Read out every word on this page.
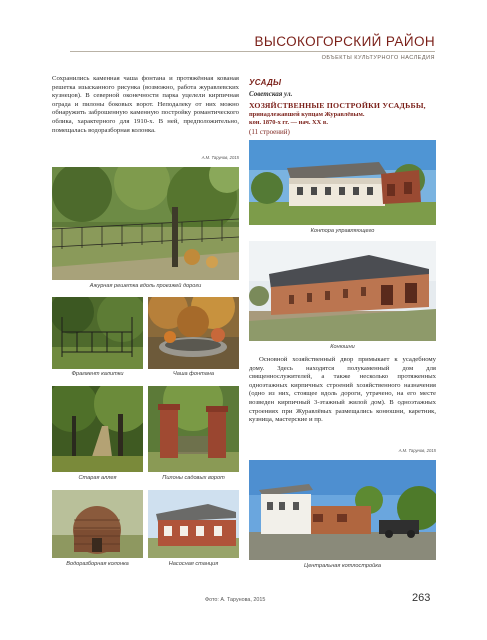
ВЫСОКОГОРСКИЙ РАЙОН
ОБЪЕКТЫ КУЛЬТУРНОГО НАСЛЕДИЯ

Сохранились каменная чаша фонтана и протяжённая кованая решетка изысканного рисунка (возможно, работа журавлевских кузнецов). В северной оконечности парка уцелели кирпичная ограда и пилоны боковых ворот. Неподалеку от них можно обнаружить заброшенную каменную постройку романтического облика, характерного для 1910-х. В ней, предположительно, помещалась водоразборная колонка.

А.М. Тарунов, 2015
УСАДЫ
Советская ул.
ХОЗЯЙСТВЕННЫЕ ПОСТРОЙКИ УСАДЬБЫ,
принадлежавшей купцам Журавлёвым.
кон. 1870-х гг. — нач. XX в.
(11 строений)
Ажурная решетка вдоль проезжей дороги
Контора управляющего
Конюшни
Фрагмент калитки	Чаша фонтана

Основной хозяйственный двор примыкает к усадебному дому. Здесь находятся полукаменный дом для священнослужителей, а также несколько протяженных одноэтажных кирпичных строений хозяйственного назначения (одно из них, стоящее вдоль дороги, утрачено, на его месте возведен кирпичный 3-этажный жилой дом). В одноэтажных строениях при Журавлёвых размещались конюшни, каретник, кузница, мастерские и пр.

А.М. Тарунов, 2015
Старая аллея	Пилоны садовых ворот
Центральная котлостройка
Водоразборная колонка	Насосная станция
Фото: А. Тарунова, 2015	263
